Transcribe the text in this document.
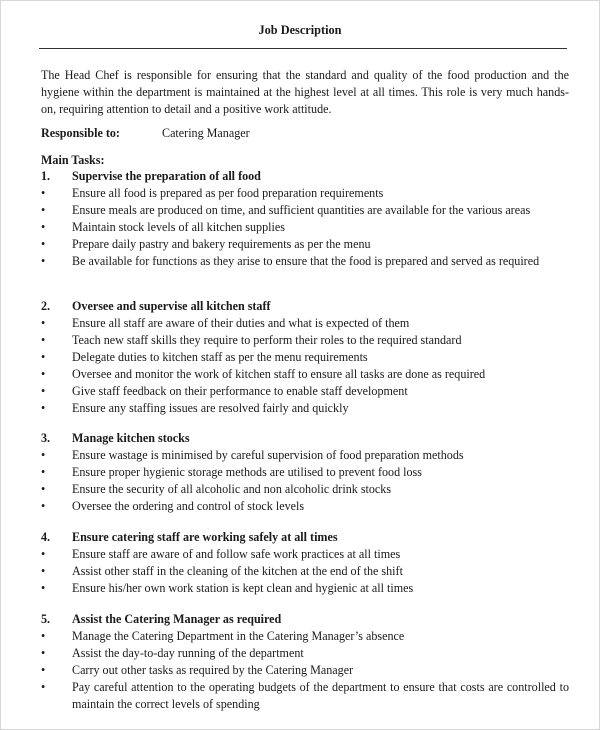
Job Description

The Head Chef is responsible for ensuring that the standard and quality of the food production and the hygiene within the department is maintained at the highest level at all times. This role is very much hands-on, requiring attention to detail and a positive work attitude.

Responsible to:	Catering Manager
Main Tasks:
1. Supervise the preparation of all food
• Ensure all food is prepared as per food preparation requirements
• Ensure meals are produced on time, and sufficient quantities are available for the various areas
• Maintain stock levels of all kitchen supplies
• Prepare daily pastry and bakery requirements as per the menu
• Be available for functions as they arise to ensure that the food is prepared and served as required
2. Oversee and supervise all kitchen staff
• Ensure all staff are aware of their duties and what is expected of them
• Teach new staff skills they require to perform their roles to the required standard
• Delegate duties to kitchen staff as per the menu requirements
• Oversee and monitor the work of kitchen staff to ensure all tasks are done as required
• Give staff feedback on their performance to enable staff development
• Ensure any staffing issues are resolved fairly and quickly
3. Manage kitchen stocks
• Ensure wastage is minimised by careful supervision of food preparation methods
• Ensure proper hygienic storage methods are utilised to prevent food loss
• Ensure the security of all alcoholic and non alcoholic drink stocks
• Oversee the ordering and control of stock levels
4. Ensure catering staff are working safely at all times
• Ensure staff are aware of and follow safe work practices at all times
• Assist other staff in the cleaning of the kitchen at the end of the shift
• Ensure his/her own work station is kept clean and hygienic at all times
5. Assist the Catering Manager as required
• Manage the Catering Department in the Catering Manager’s absence
• Assist the day-to-day running of the department
• Carry out other tasks as required by the Catering Manager
• Pay careful attention to the operating budgets of the department to ensure that costs are controlled to maintain the correct levels of spending
